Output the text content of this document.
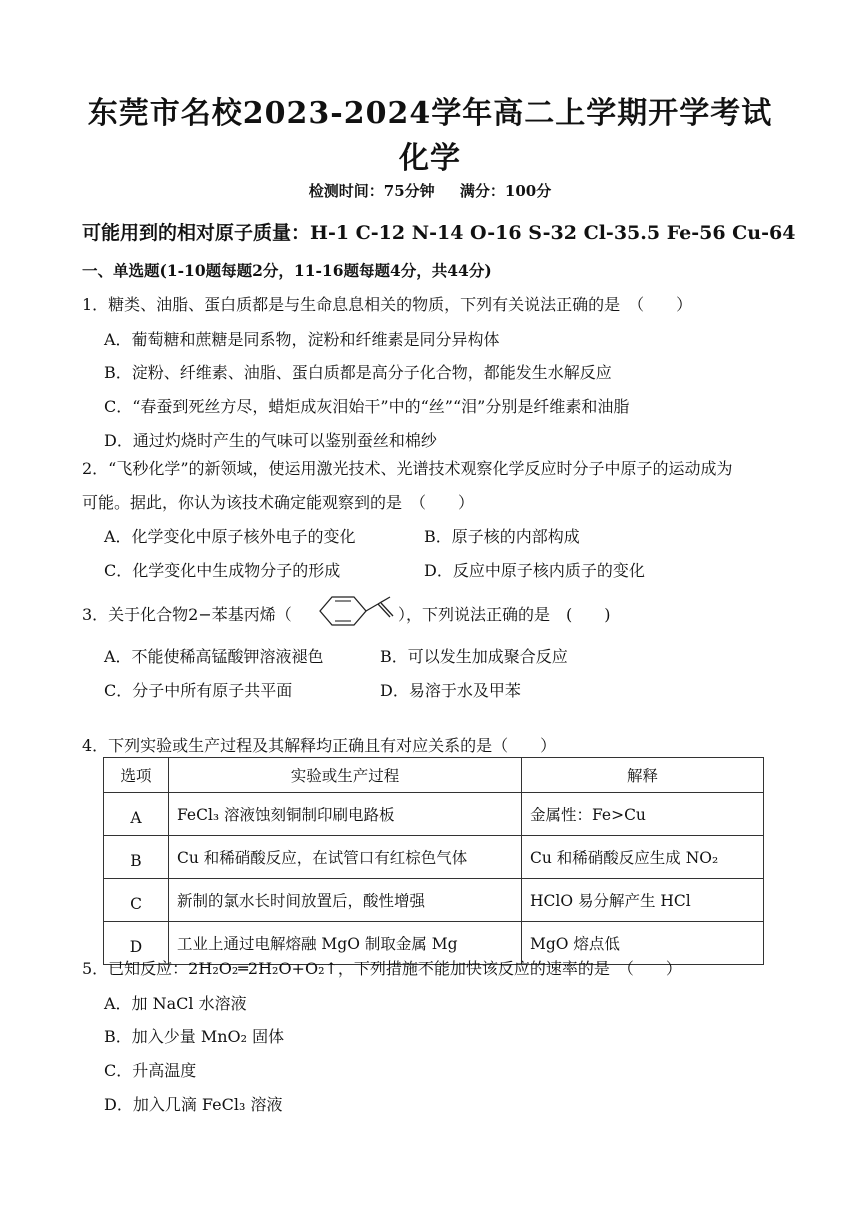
东莞市名校2023-2024学年高二上学期开学考试
化学
检测时间：75分钟 满分：100分
可能用到的相对原子质量：H-1 C-12 N-14 O-16 S-32 Cl-35.5 Fe-56 Cu-64
一、单选题(1-10题每题2分，11-16题每题4分，共44分)
1．糖类、油脂、蛋白质都是与生命息息相关的物质，下列有关说法正确的是　（　　）
A．葡萄糖和蔗糖是同系物，淀粉和纤维素是同分异构体
B．淀粉、纤维素、油脂、蛋白质都是高分子化合物，都能发生水解反应
C．“春蚕到死丝方尽，蜡炬成灰泪始干”中的“丝”“泪”分别是纤维素和油脂
D．通过灼烧时产生的气味可以鉴别蚕丝和棉纱
2．“飞秒化学”的新领域，使运用激光技术、光谱技术观察化学反应时分子中原子的运动成为
可能。据此，你认为该技术确定能观察到的是　（　　）
A．化学变化中原子核外电子的变化	B．原子核的内部构成
C．化学变化中生成物分子的形成	D．反应中原子核内质子的变化
3．关于化合物2−苯基丙烯（	），下列说法正确的是　(　　)
A．不能使稀高锰酸钾溶液褪色	B．可以发生加成聚合反应
C．分子中所有原子共平面	D．易溶于水及甲苯
4．下列实验或生产过程及其解释均正确且有对应关系的是（　　）
选项	实验或生产过程	解释
A	FeCl₃ 溶液蚀刻铜制印刷电路板	金属性：Fe>Cu
B	Cu 和稀硝酸反应，在试管口有红棕色气体	Cu 和稀硝酸反应生成 NO₂
C	新制的氯水长时间放置后，酸性增强	HClO 易分解产生 HCl
D	工业上通过电解熔融 MgO 制取金属 Mg	MgO 熔点低
5．已知反应：2H₂O₂═2H₂O+O₂↑，下列措施不能加快该反应的速率的是　（　　）
A．加 NaCl 水溶液
B．加入少量 MnO₂ 固体
C．升高温度
D．加入几滴 FeCl₃ 溶液
